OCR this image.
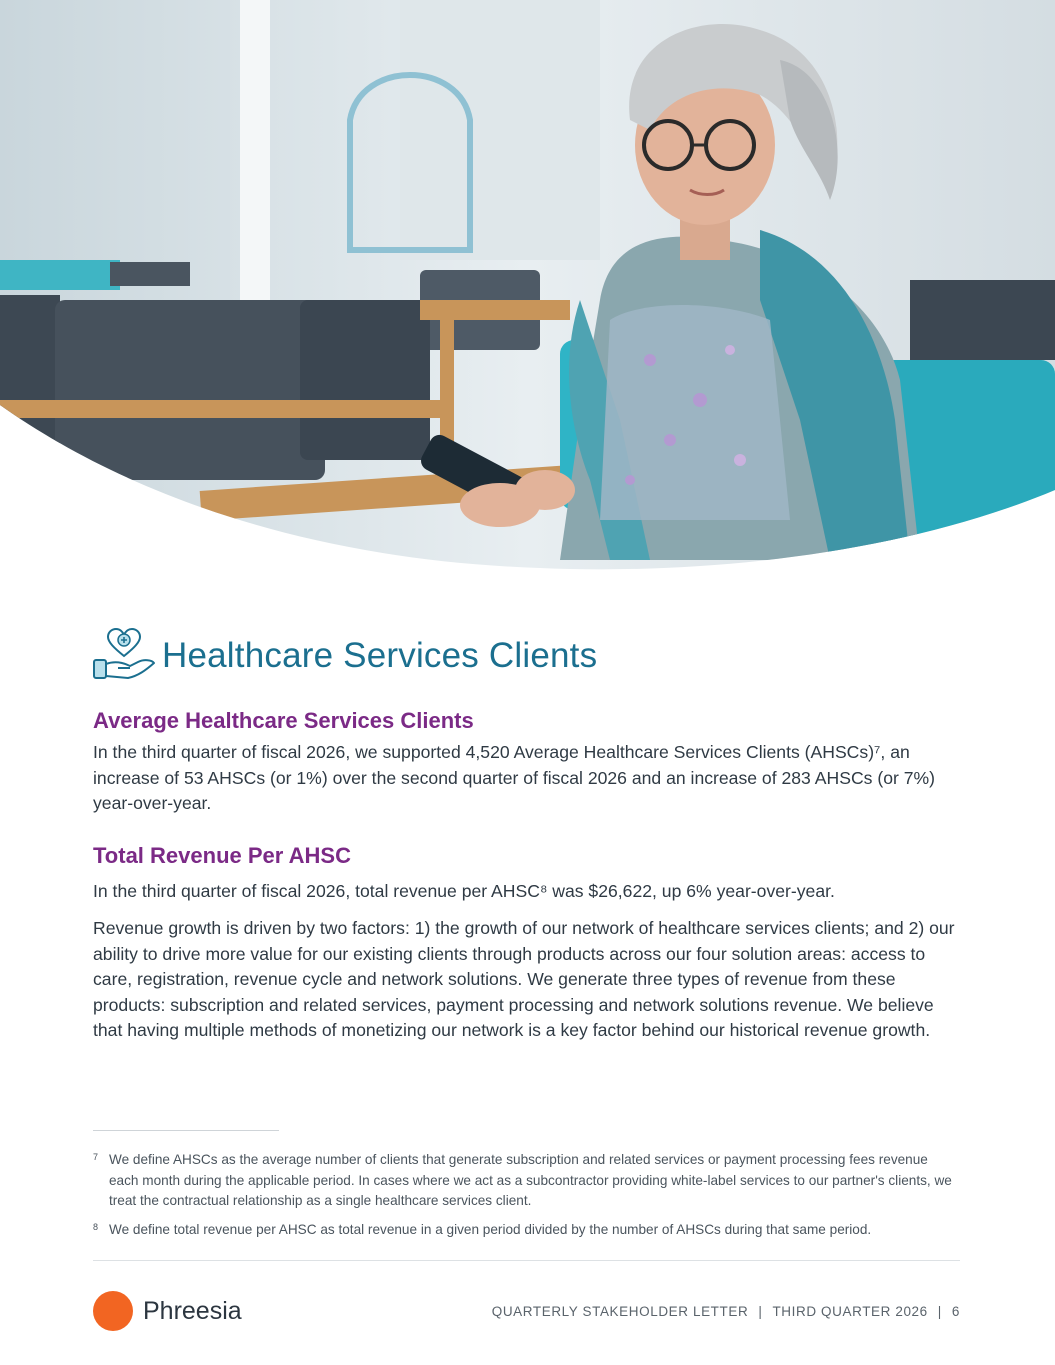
Healthcare Services Clients
Average Healthcare Services Clients

In the third quarter of fiscal 2026, we supported 4,520 Average Healthcare Services Clients (AHSCs)⁷, an increase of 53 AHSCs (or 1%) over the second quarter of fiscal 2026 and an increase of 283 AHSCs (or 7%) year-over-year.

Total Revenue Per AHSC

In the third quarter of fiscal 2026, total revenue per AHSC⁸ was $26,622, up 6% year-over-year.

Revenue growth is driven by two factors: 1) the growth of our network of healthcare services clients; and 2) our ability to drive more value for our existing clients through products across our four solution areas: access to care, registration, revenue cycle and network solutions. We generate three types of revenue from these products: subscription and related services, payment processing and network solutions revenue. We believe that having multiple methods of monetizing our network is a key factor behind our historical revenue growth.

7 We define AHSCs as the average number of clients that generate subscription and related services or payment processing fees revenue each month during the applicable period. In cases where we act as a subcontractor providing white-label services to our partner's clients, we treat the contractual relationship as a single healthcare services client.
8 We define total revenue per AHSC as total revenue in a given period divided by the number of AHSCs during that same period.
Phreesia	QUARTERLY STAKEHOLDER LETTER | THIRD QUARTER 2026 | 6
